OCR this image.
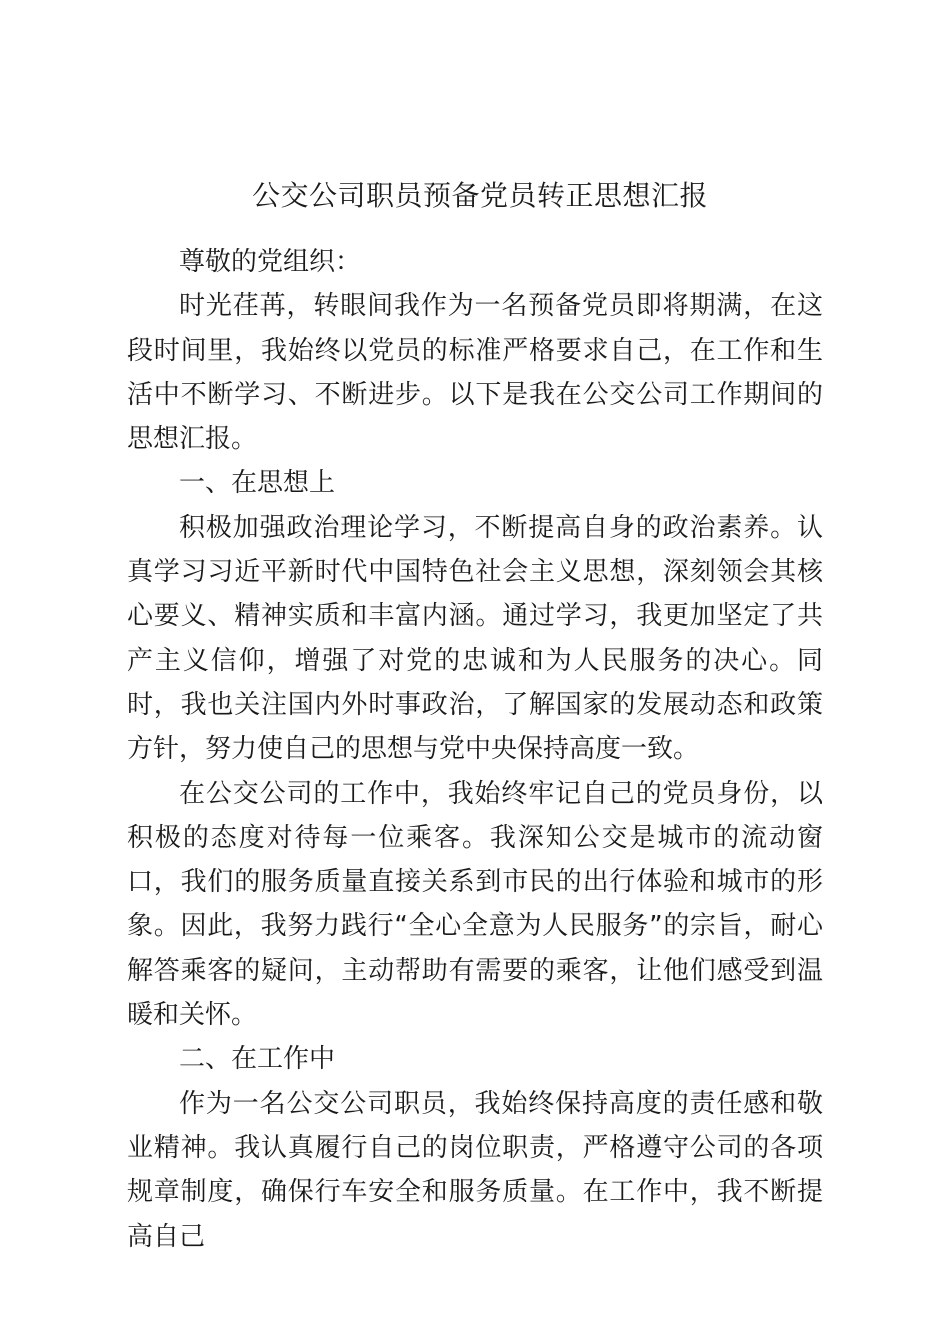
公交公司职员预备党员转正思想汇报

尊敬的党组织：

时光荏苒，转眼间我作为一名预备党员即将期满，在这段时间里，我始终以党员的标准严格要求自己，在工作和生活中不断学习、不断进步。以下是我在公交公司工作期间的思想汇报。

一、在思想上

积极加强政治理论学习，不断提高自身的政治素养。认真学习习近平新时代中国特色社会主义思想，深刻领会其核心要义、精神实质和丰富内涵。通过学习，我更加坚定了共产主义信仰，增强了对党的忠诚和为人民服务的决心。同时，我也关注国内外时事政治，了解国家的发展动态和政策方针，努力使自己的思想与党中央保持高度一致。

在公交公司的工作中，我始终牢记自己的党员身份，以积极的态度对待每一位乘客。我深知公交是城市的流动窗口，我们的服务质量直接关系到市民的出行体验和城市的形象。因此，我努力践行“全心全意为人民服务”的宗旨，耐心解答乘客的疑问，主动帮助有需要的乘客，让他们感受到温暖和关怀。

二、在工作中

作为一名公交公司职员，我始终保持高度的责任感和敬业精神。我认真履行自己的岗位职责，严格遵守公司的各项规章制度，确保行车安全和服务质量。在工作中，我不断提高自己
